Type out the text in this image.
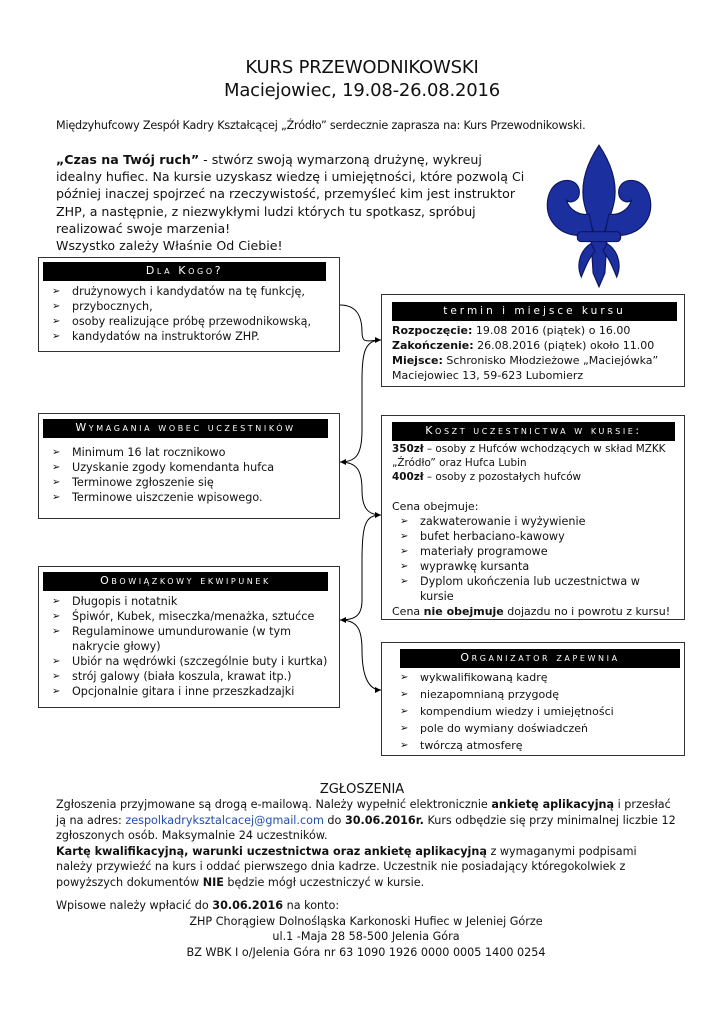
KURS PRZEWODNIKOWSKI
Maciejowiec, 19.08-26.08.2016
Międzyhufcowy Zespół Kadry Kształcącej „Źródło” serdecznie zaprasza na: Kurs Przewodnikowski.
„Czas na Twój ruch” - stwórz swoją wymarzoną drużynę, wykreuj idealny hufiec. Na kursie uzyskasz wiedzę i umiejętności, które pozwolą Ci później inaczej spojrzeć na rzeczywistość, przemyśleć kim jest instruktor ZHP, a następnie, z niezwykłymi ludzi których tu spotkasz, spróbuj realizować swoje marzenia!
Wszystko zależy Właśnie Od Ciebie!
Dla Kogo?
➢ drużynowych i kandydatów na tę funkcję,
➢ przybocznych,
➢ osoby realizujące próbę przewodnikowską,
➢ kandydatów na instruktorów ZHP.
termin i miejsce kursu
Rozpoczęcie: 19.08 2016 (piątek) o 16.00
Zakończenie: 26.08.2016 (piątek) około 11.00
Miejsce: Schronisko Młodzieżowe „Maciejówka”
Maciejowiec 13, 59-623 Lubomierz
Wymagania wobec uczestników
➢ Minimum 16 lat rocznikowo
➢ Uzyskanie zgody komendanta hufca
➢ Terminowe zgłoszenie się
➢ Terminowe uiszczenie wpisowego.
Koszt uczestnictwa w kursie:
350zł – osoby z Hufców wchodzących w skład MZKK „Źródło” oraz Hufca Lubin
400zł – osoby z pozostałych hufców
Cena obejmuje:
➢ zakwaterowanie i wyżywienie
➢ bufet herbaciano-kawowy
➢ materiały programowe
➢ wyprawkę kursanta
➢ Dyplom ukończenia lub uczestnictwa w kursie
Cena nie obejmuje dojazdu no i powrotu z kursu!
Obowiązkowy ekwipunek
➢ Długopis i notatnik
➢ Śpiwór, Kubek, miseczka/menażka, sztućce
➢ Regulaminowe umundurowanie (w tym nakrycie głowy)
➢ Ubiór na wędrówki (szczególnie buty i kurtka)
➢ strój galowy (biała koszula, krawat itp.)
➢ Opcjonalnie gitara i inne przeszkadzajki
Organizator zapewnia
➢ wykwalifikowaną kadrę
➢ niezapomnianą przygodę
➢ kompendium wiedzy i umiejętności
➢ pole do wymiany doświadczeń
➢ twórczą atmosferę
ZGŁOSZENIA
Zgłoszenia przyjmowane są drogą e-mailową. Należy wypełnić elektronicznie ankietę aplikacyjną i przesłać ją na adres: zespolkadryksztalcacej@gmail.com do 30.06.2016r. Kurs odbędzie się przy minimalnej liczbie 12 zgłoszonych osób. Maksymalnie 24 uczestników.
Kartę kwalifikacyjną, warunki uczestnictwa oraz ankietę aplikacyjną z wymaganymi podpisami należy przywieźć na kurs i oddać pierwszego dnia kadrze. Uczestnik nie posiadający któregokolwiek z powyższych dokumentów NIE będzie mógł uczestniczyć w kursie.
Wpisowe należy wpłacić do 30.06.2016 na konto:
ZHP Chorągiew Dolnośląska Karkonoski Hufiec w Jeleniej Górze
ul.1 -Maja 28 58-500 Jelenia Góra
BZ WBK I o/Jelenia Góra nr 63 1090 1926 0000 0005 1400 0254
